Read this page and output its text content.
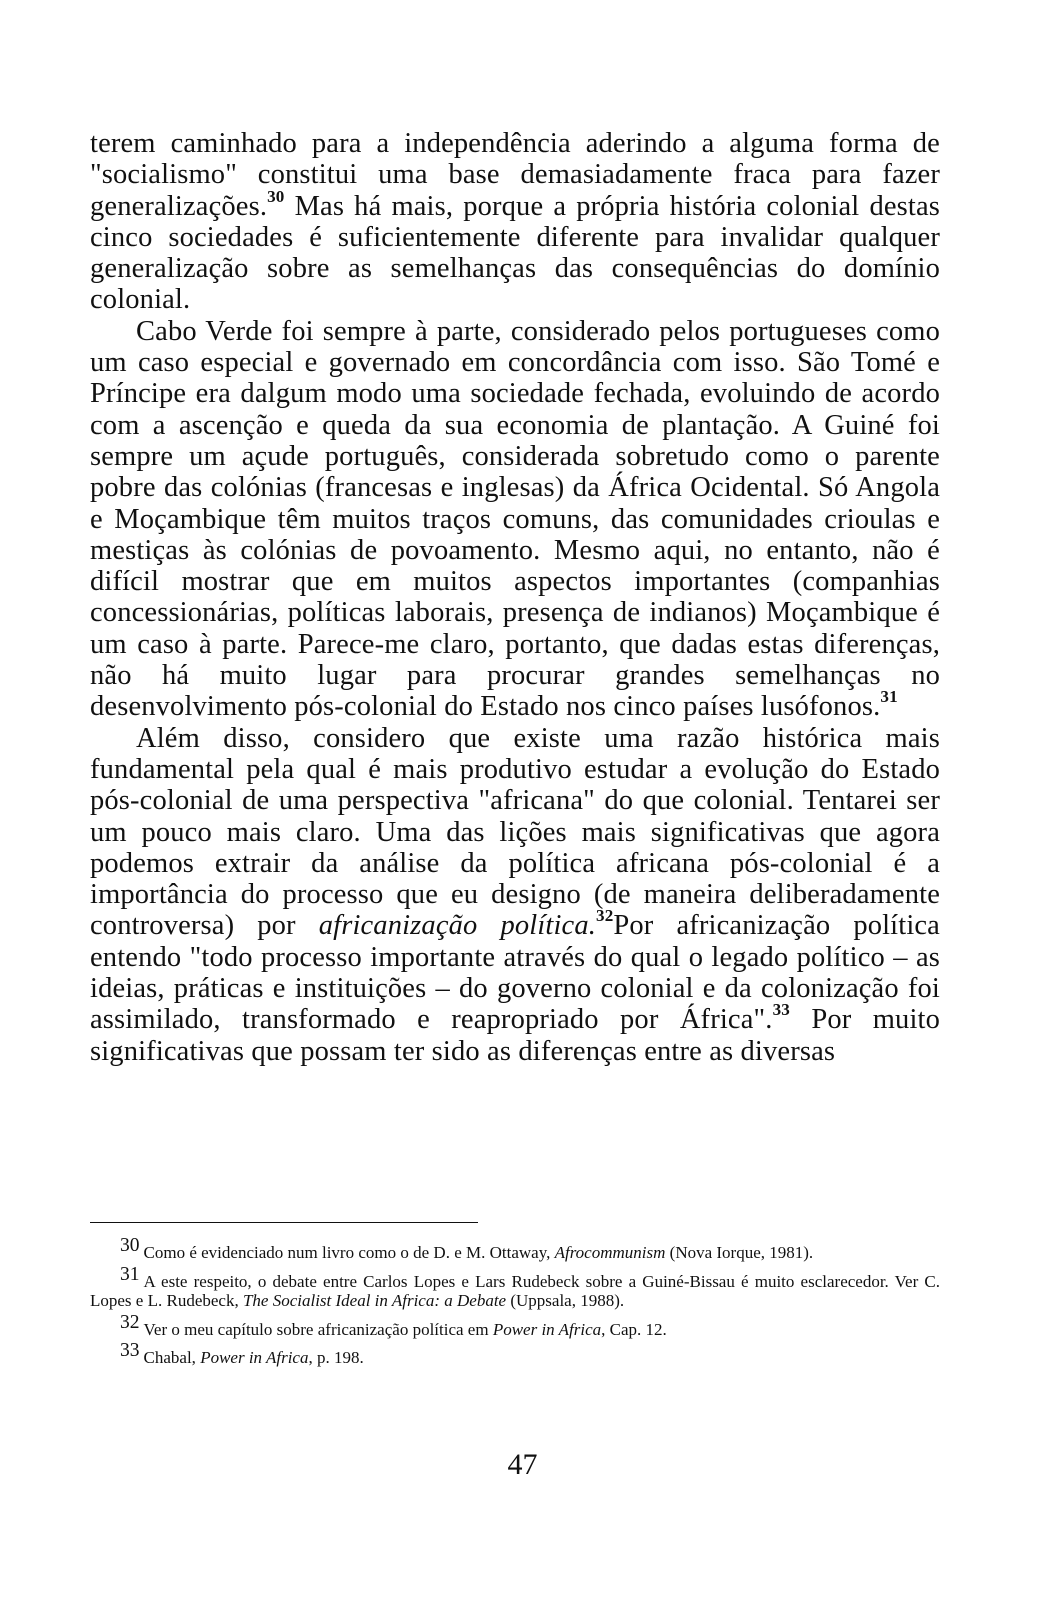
terem caminhado para a independência aderindo a alguma forma de "socialismo" constitui uma base demasiadamente fraca para fazer generalizações.$^{30}$ Mas há mais, porque a própria história colonial destas cinco sociedades é suficientemente diferente para invalidar qualquer generalização sobre as semelhanças das consequências do domínio colonial.

Cabo Verde foi sempre à parte, considerado pelos portugueses como um caso especial e governado em concordância com isso. São Tomé e Príncipe era dalgum modo uma sociedade fechada, evoluindo de acordo com a ascenção e queda da sua economia de plantação. A Guiné foi sempre um açude português, considerada sobretudo como o parente pobre das colónias (francesas e inglesas) da África Ocidental. Só Angola e Moçambique têm muitos traços comuns, das comunidades crioulas e mestiças às colónias de povoamento. Mesmo aqui, no entanto, não é difícil mostrar que em muitos aspectos importantes (companhias concessionárias, políticas laborais, presença de indianos) Moçambique é um caso à parte. Parece-me claro, portanto, que dadas estas diferenças, não há muito lugar para procurar grandes semelhanças no desenvolvimento pós-colonial do Estado nos cinco países lusófonos.$^{31}$

Além disso, considero que existe uma razão histórica mais fundamental pela qual é mais produtivo estudar a evolução do Estado pós-colonial de uma perspectiva "africana" do que colonial. Tentarei ser um pouco mais claro. Uma das lições mais significativas que agora podemos extrair da análise da política africana pós-colonial é a importância do processo que eu designo (de maneira deliberadamente controversa) por africanização política.$^{32}$Por africanização política entendo "todo processo importante através do qual o legado político – as ideias, práticas e instituições – do governo colonial e da colonização foi assimilado, transformado e reapropriado por África".$^{33}$ Por muito significativas que possam ter sido as diferenças entre as diversas

30 Como é evidenciado num livro como o de D. e M. Ottaway, Afrocommunism (Nova Iorque, 1981).
31 A este respeito, o debate entre Carlos Lopes e Lars Rudebeck sobre a Guiné-Bissau é muito esclarecedor. Ver C. Lopes e L. Rudebeck, The Socialist Ideal in Africa: a Debate (Uppsala, 1988).
32 Ver o meu capítulo sobre africanização política em Power in Africa, Cap. 12.
33 Chabal, Power in Africa, p. 198.
47
